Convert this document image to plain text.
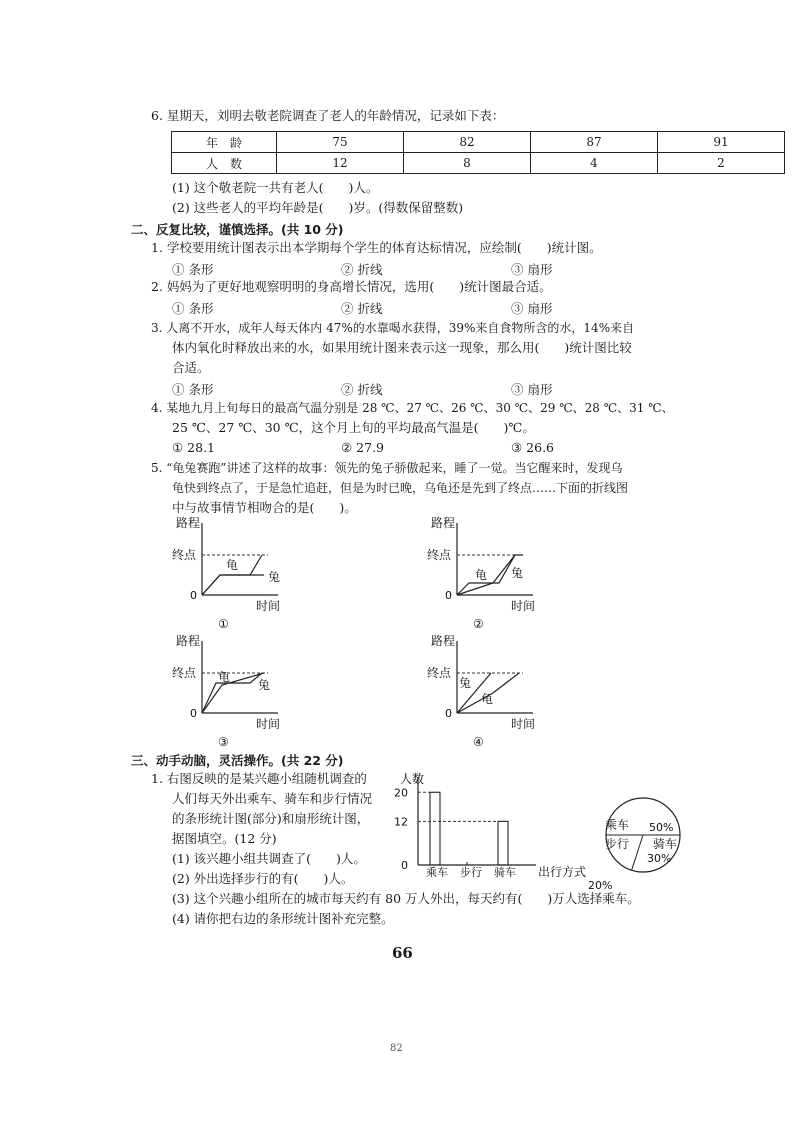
6. 星期天，刘明去敬老院调查了老人的年龄情况，记录如下表：
年　龄	75	82	87	91
人　数	12	8	4	2
(1) 这个敬老院一共有老人(　　)人。
(2) 这些老人的平均年龄是(　　)岁。(得数保留整数)
二、反复比较，谨慎选择。(共 10 分)
1. 学校要用统计图表示出本学期每个学生的体育达标情况，应绘制(　　)统计图。
① 条形	② 折线	③ 扇形
2. 妈妈为了更好地观察明明的身高增长情况，选用(　　)统计图最合适。
① 条形	② 折线	③ 扇形
3. 人离不开水，成年人每天体内 47%的水靠喝水获得，39%来自食物所含的水，14%来自
体内氧化时释放出来的水，如果用统计图来表示这一现象，那么用(　　)统计图比较
合适。
① 条形	② 折线	③ 扇形
4. 某地九月上旬每日的最高气温分别是 28 ℃、27 ℃、26 ℃、30 ℃、29 ℃、28 ℃、31 ℃、
25 ℃、27 ℃、30 ℃，这个月上旬的平均最高气温是(　　)℃。
① 28.1	② 27.9	③ 26.6
5. “龟兔赛跑”讲述了这样的故事：领先的兔子骄傲起来，睡了一觉。当它醒来时，发现乌
龟快到终点了，于是急忙追赶，但是为时已晚，乌龟还是先到了终点……下面的折线图
中与故事情节相吻合的是(　　)。
路程
终点
0
时间
①
龟
兔
路程
终点
0
时间
②
龟 兔
路程
终点
0
时间
③
龟
兔
路程
终点
0
时间
④
龟
兔
三、动手动脑，灵活操作。(共 22 分)
1. 右图反映的是某兴趣小组随机调查的
人们每天外出乘车、骑车和步行情况
的条形统计图(部分)和扇形统计图，
据图填空。(12 分)
(1) 该兴趣小组共调查了(　　)人。
(2) 外出选择步行的有(　　)人。
(3) 这个兴趣小组所在的城市每天约有 80 万人外出，每天约有(　　)万人选择乘车。
(4) 请你把右边的条形统计图补充完整。
人数
出行方式
20
12
0
乘车 步行 骑车
乘车 50%
骑车
30%
步行
20%
66
82
